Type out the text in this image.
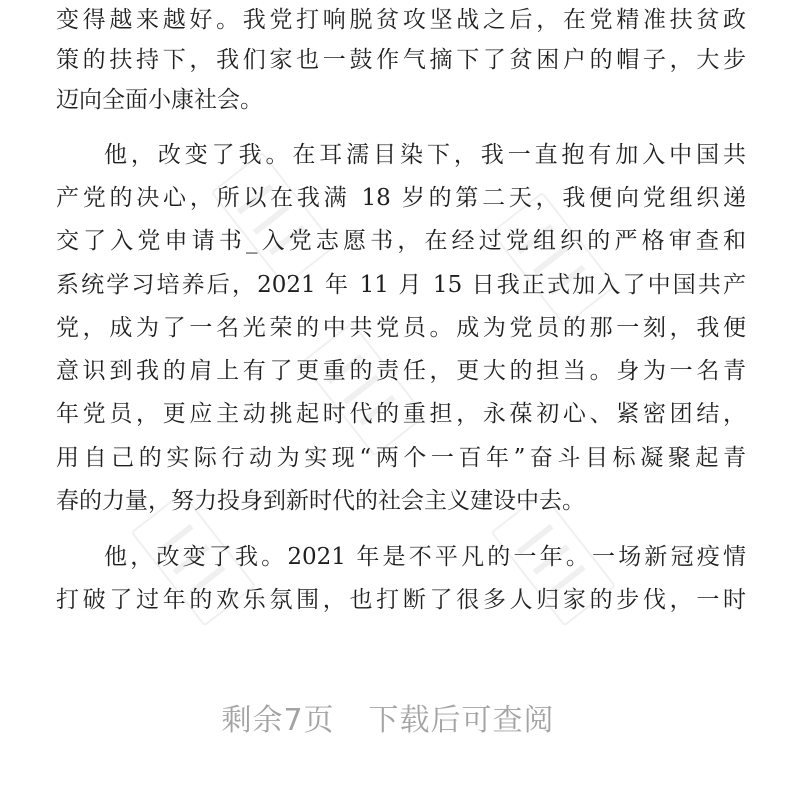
变得越来越好。我党打响脱贫攻坚战之后，在党精准扶贫政
策的扶持下，我们家也一鼓作气摘下了贫困户的帽子，大步
迈向全面小康社会。
他，改变了我。在耳濡目染下，我一直抱有加入中国共
产党的决心，所以在我满 18 岁的第二天，我便向党组织递
交了入党申请书_入党志愿书，在经过党组织的严格审查和
系统学习培养后，2021 年 11 月 15 日我正式加入了中国共产
党，成为了一名光荣的中共党员。成为党员的那一刻，我便
意识到我的肩上有了更重的责任，更大的担当。身为一名青
年党员，更应主动挑起时代的重担，永葆初心、紧密团结，
用自己的实际行动为实现“两个一百年”奋斗目标凝聚起青
春的力量，努力投身到新时代的社会主义建设中去。
他，改变了我。2021 年是不平凡的一年。一场新冠疫情
打破了过年的欢乐氛围，也打断了很多人归家的步伐，一时
剩余7页 下载后可查阅
